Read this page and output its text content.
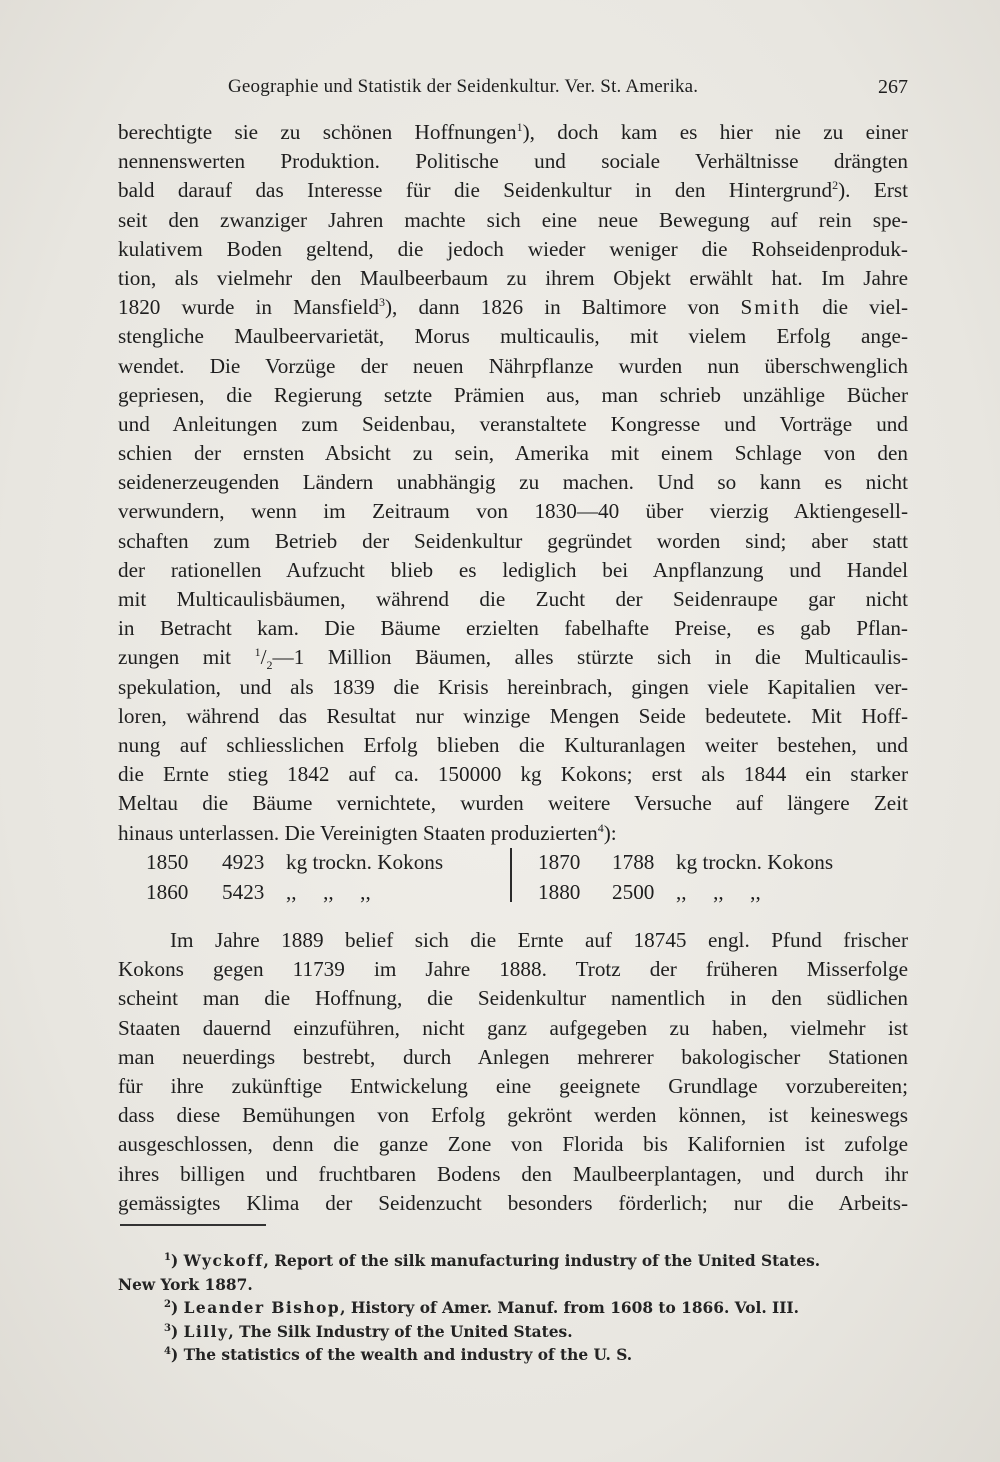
Geographie und Statistik der Seidenkultur. Ver. St. Amerika.	267
berechtigte sie zu schönen Hoffnungen$^1$), doch kam es hier nie zu einer
nennenswerten Produktion. Politische und sociale Verhältnisse drängten
bald darauf das Interesse für die Seidenkultur in den Hintergrund$^2$). Erst
seit den zwanziger Jahren machte sich eine neue Bewegung auf rein spe-
kulativem Boden geltend, die jedoch wieder weniger die Rohseidenproduk-
tion, als vielmehr den Maulbeerbaum zu ihrem Objekt erwählt hat. Im Jahre
1820 wurde in Mansfield$^3$), dann 1826 in Baltimore von Smith die viel-
stengliche Maulbeervarietät, Morus multicaulis, mit vielem Erfolg ange-
wendet. Die Vorzüge der neuen Nährpflanze wurden nun überschwenglich
gepriesen, die Regierung setzte Prämien aus, man schrieb unzählige Bücher
und Anleitungen zum Seidenbau, veranstaltete Kongresse und Vorträge und
schien der ernsten Absicht zu sein, Amerika mit einem Schlage von den
seidenerzeugenden Ländern unabhängig zu machen. Und so kann es nicht
verwundern, wenn im Zeitraum von 1830—40 über vierzig Aktiengesell-
schaften zum Betrieb der Seidenkultur gegründet worden sind; aber statt
der rationellen Aufzucht blieb es lediglich bei Anpflanzung und Handel
mit Multicaulisbäumen, während die Zucht der Seidenraupe gar nicht
in Betracht kam. Die Bäume erzielten fabelhafte Preise, es gab Pflan-
zungen mit $^1/_2—1$ Million Bäumen, alles stürzte sich in die Multicaulis-
spekulation, und als 1839 die Krisis hereinbrach, gingen viele Kapitalien ver-
loren, während das Resultat nur winzige Mengen Seide bedeutete. Mit Hoff-
nung auf schliesslichen Erfolg blieben die Kulturanlagen weiter bestehen, und
die Ernte stieg 1842 auf ca. 150000 kg Kokons; erst als 1844 ein starker
Meltau die Bäume vernichtete, wurden weitere Versuche auf längere Zeit
hinaus unterlassen. Die Vereinigten Staaten produzierten$^4$):
1850 4923 kg trockn. Kokons
1860 5423 ,,     ,,     ,,
1870 1788 kg trockn. Kokons
1880 2500 ,,     ,,     ,,
Im Jahre 1889 belief sich die Ernte auf 18745 engl. Pfund frischer
Kokons gegen 11739 im Jahre 1888. Trotz der früheren Misserfolge
scheint man die Hoffnung, die Seidenkultur namentlich in den südlichen
Staaten dauernd einzuführen, nicht ganz aufgegeben zu haben, vielmehr ist
man neuerdings bestrebt, durch Anlegen mehrerer bakologischer Stationen
für ihre zukünftige Entwickelung eine geeignete Grundlage vorzubereiten;
dass diese Bemühungen von Erfolg gekrönt werden können, ist keineswegs
ausgeschlossen, denn die ganze Zone von Florida bis Kalifornien ist zufolge
ihres billigen und fruchtbaren Bodens den Maulbeerplantagen, und durch ihr
gemässigtes Klima der Seidenzucht besonders förderlich; nur die Arbeits-
$^1$) Wyckoff, Report of the silk manufacturing industry of the United States.
New York 1887.
$^2$) Leander Bishop, History of Amer. Manuf. from 1608 to 1866. Vol. III.
$^3$) Lilly, The Silk Industry of the United States.
$^4$) The statistics of the wealth and industry of the U. S.
